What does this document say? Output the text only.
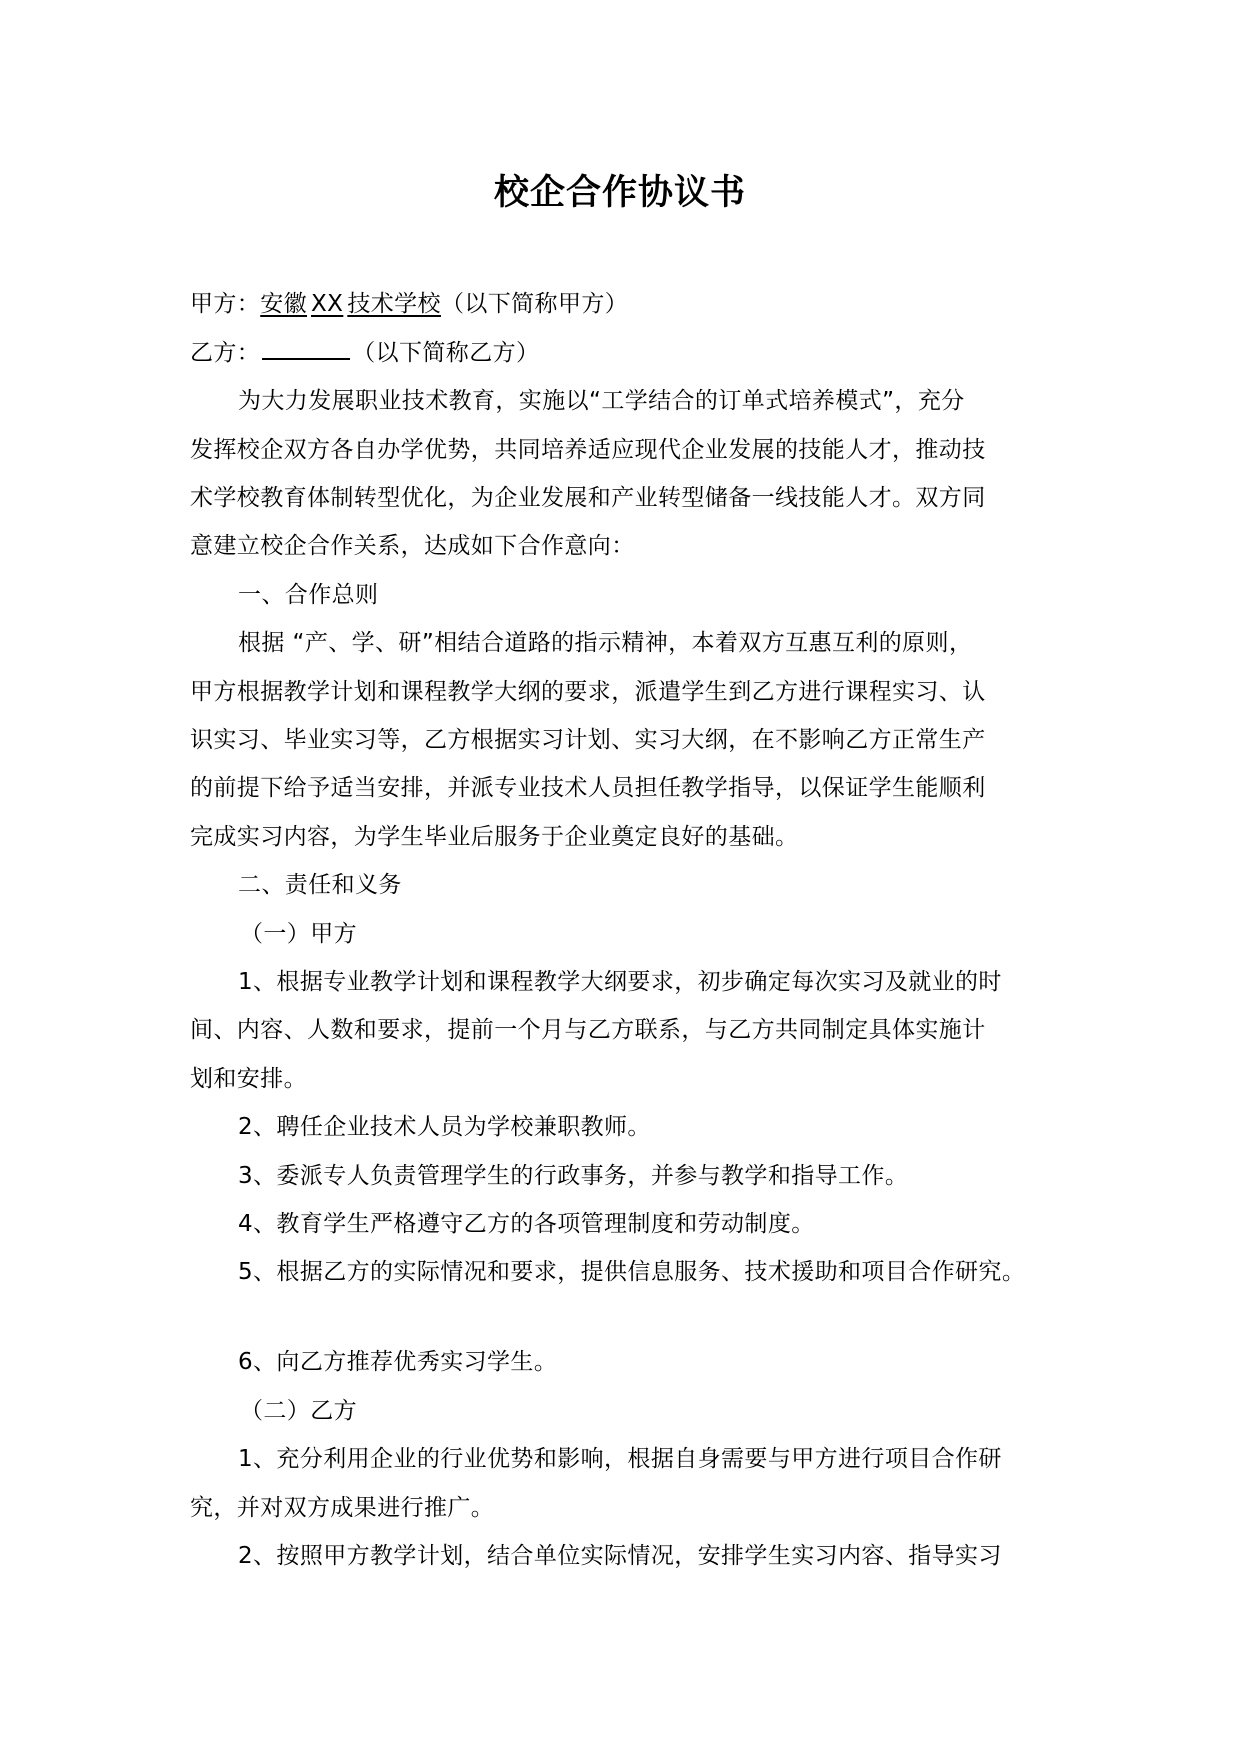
校企合作协议书

甲方：安徽 XX 技术学校（以下简称甲方）

乙方：	（以下简称乙方）

为大力发展职业技术教育，实施以“工学结合的订单式培养模式”，充分

发挥校企双方各自办学优势，共同培养适应现代企业发展的技能人才，推动技

术学校教育体制转型优化，为企业发展和产业转型储备一线技能人才。双方同

意建立校企合作关系，达成如下合作意向：

一、合作总则

根据 “产、学、研”相结合道路的指示精神，本着双方互惠互利的原则，

甲方根据教学计划和课程教学大纲的要求，派遣学生到乙方进行课程实习、认

识实习、毕业实习等，乙方根据实习计划、实习大纲，在不影响乙方正常生产

的前提下给予适当安排，并派专业技术人员担任教学指导，以保证学生能顺利

完成实习内容，为学生毕业后服务于企业奠定良好的基础。

二、责任和义务

（一）甲方

1、根据专业教学计划和课程教学大纲要求，初步确定每次实习及就业的时

间、内容、人数和要求，提前一个月与乙方联系，与乙方共同制定具体实施计

划和安排。

2、聘任企业技术人员为学校兼职教师。

3、委派专人负责管理学生的行政事务，并参与教学和指导工作。

4、教育学生严格遵守乙方的各项管理制度和劳动制度。

5、根据乙方的实际情况和要求，提供信息服务、技术援助和项目合作研究。

6、向乙方推荐优秀实习学生。

（二）乙方

1、充分利用企业的行业优势和影响，根据自身需要与甲方进行项目合作研

究，并对双方成果进行推广。

2、按照甲方教学计划，结合单位实际情况，安排学生实习内容、指导实习
